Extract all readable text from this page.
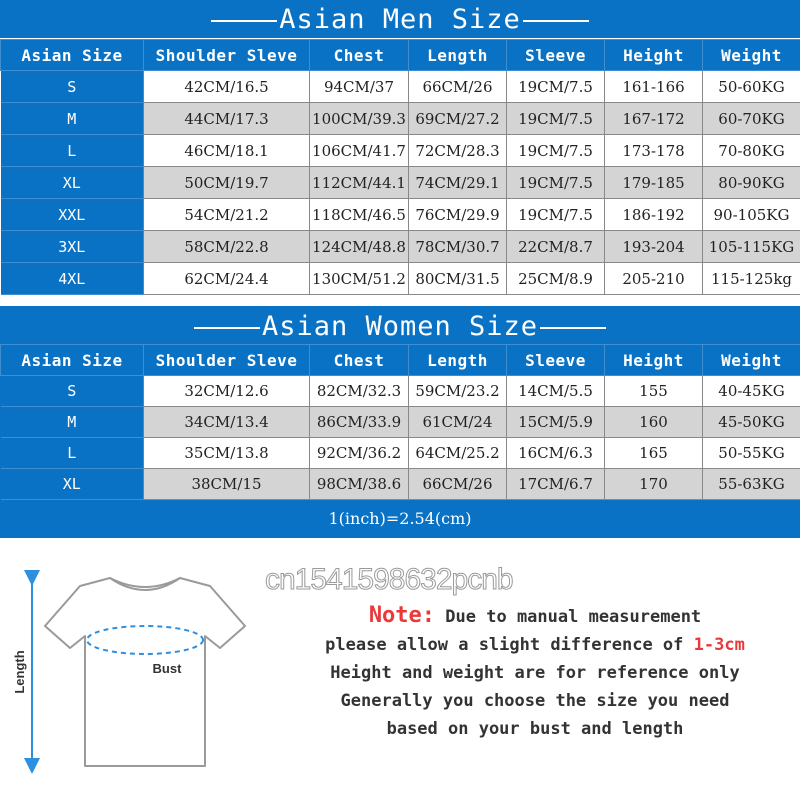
Asian Men Size
Asian Size	Shoulder Sleve	Chest	Length	Sleeve	Height	Weight
S	42CM/16.5	94CM/37	66CM/26	19CM/7.5	161-166	50-60KG
M	44CM/17.3	100CM/39.3	69CM/27.2	19CM/7.5	167-172	60-70KG
L	46CM/18.1	106CM/41.7	72CM/28.3	19CM/7.5	173-178	70-80KG
XL	50CM/19.7	112CM/44.1	74CM/29.1	19CM/7.5	179-185	80-90KG
XXL	54CM/21.2	118CM/46.5	76CM/29.9	19CM/7.5	186-192	90-105KG
3XL	58CM/22.8	124CM/48.8	78CM/30.7	22CM/8.7	193-204	105-115KG
4XL	62CM/24.4	130CM/51.2	80CM/31.5	25CM/8.9	205-210	115-125kg
Asian Women Size
Asian Size	Shoulder Sleve	Chest	Length	Sleeve	Height	Weight
S	32CM/12.6	82CM/32.3	59CM/23.2	14CM/5.5	155	40-45KG
M	34CM/13.4	86CM/33.9	61CM/24	15CM/5.9	160	45-50KG
L	35CM/13.8	92CM/36.2	64CM/25.2	16CM/6.3	165	50-55KG
XL	38CM/15	98CM/38.6	66CM/26	17CM/6.7	170	55-63KG
1(inch)=2.54(cm)
Length	Bust
cn1541598632pcnb
Note: Due to manual measurement
please allow a slight difference of 1-3cm
Height and weight are for reference only
Generally you choose the size you need
based on your bust and length
